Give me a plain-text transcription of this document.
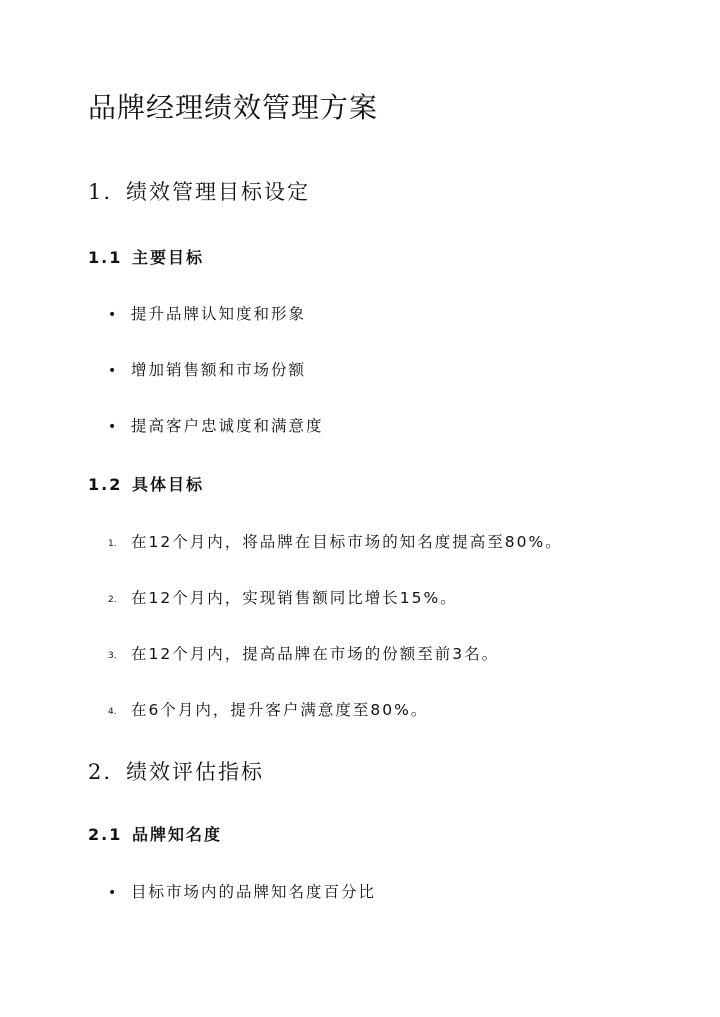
品牌经理绩效管理方案
1. 绩效管理目标设定
1.1 主要目标
• 提升品牌认知度和形象
• 增加销售额和市场份额
• 提高客户忠诚度和满意度
1.2 具体目标
1. 在12个月内，将品牌在目标市场的知名度提高至80%。
2. 在12个月内，实现销售额同比增长15%。
3. 在12个月内，提高品牌在市场的份额至前3名。
4. 在6个月内，提升客户满意度至80%。
2. 绩效评估指标
2.1 品牌知名度
• 目标市场内的品牌知名度百分比
